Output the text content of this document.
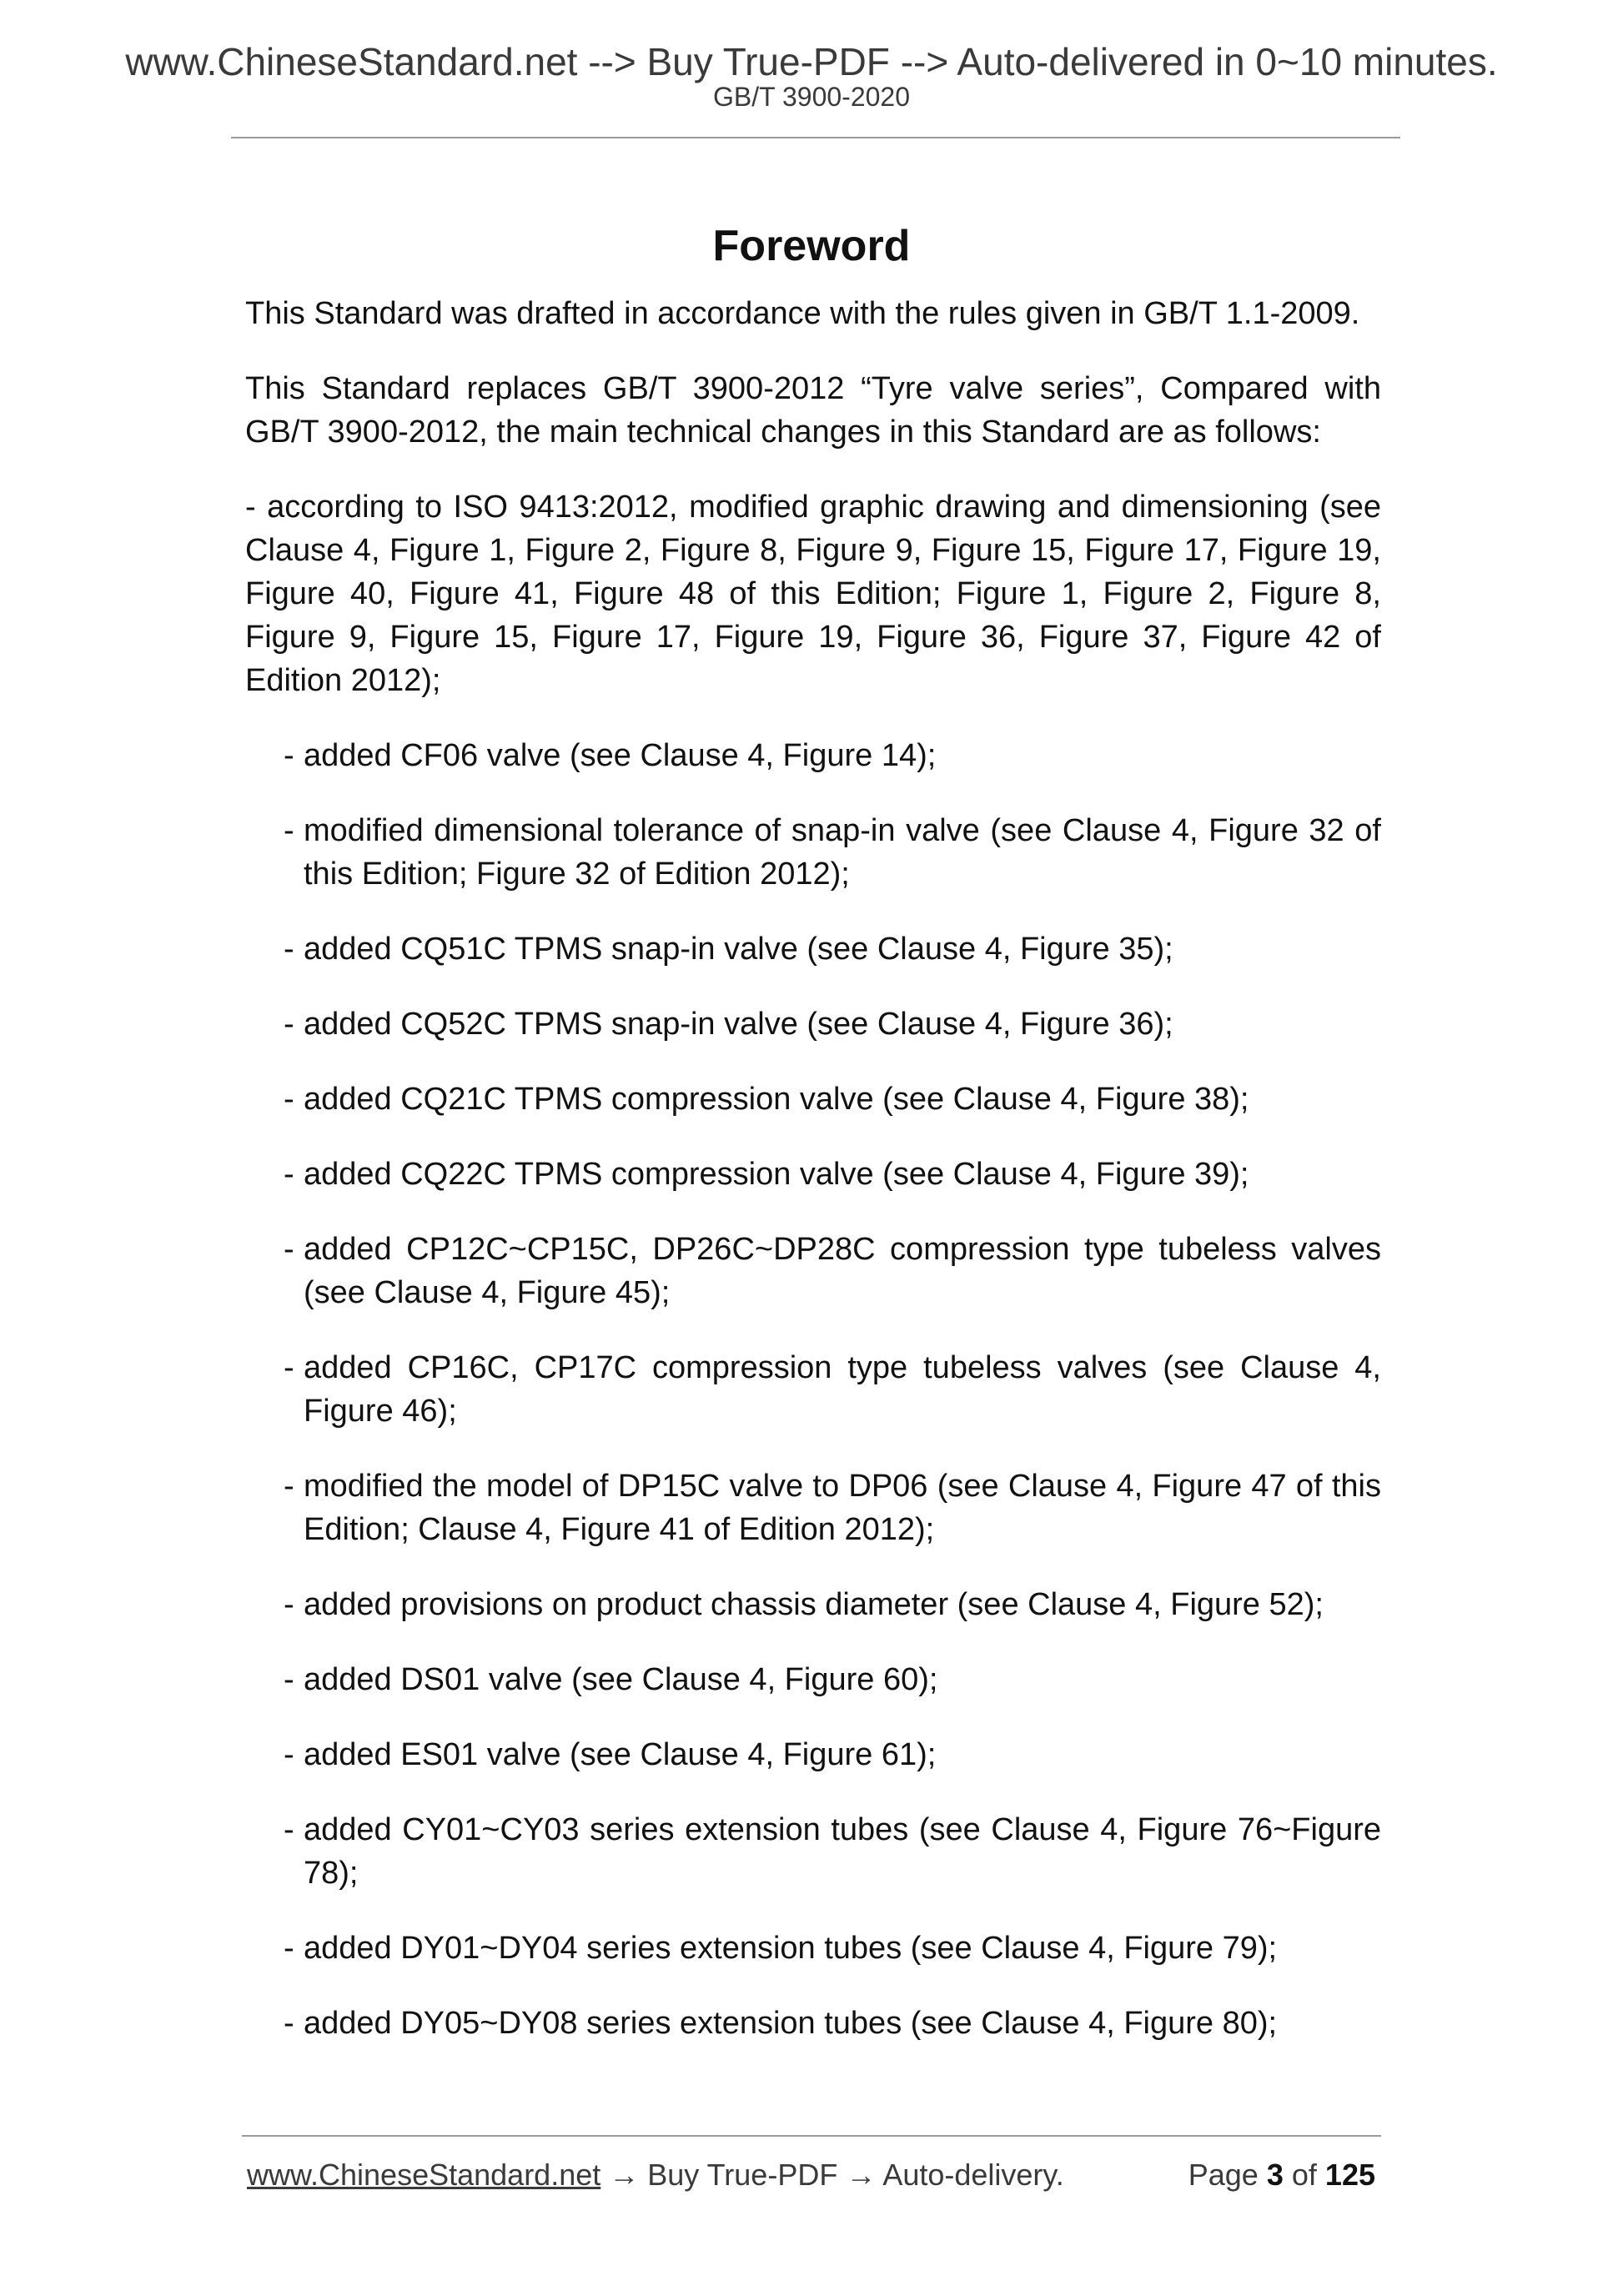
www.ChineseStandard.net --> Buy True-PDF --> Auto-delivered in 0~10 minutes.
GB/T 3900-2020
Foreword

This Standard was drafted in accordance with the rules given in GB/T 1.1-2009.

This Standard replaces GB/T 3900-2012 “Tyre valve series”, Compared with GB/T 3900-2012, the main technical changes in this Standard are as follows:

- according to ISO 9413:2012, modified graphic drawing and dimensioning (see Clause 4, Figure 1, Figure 2, Figure 8, Figure 9, Figure 15, Figure 17, Figure 19, Figure 40, Figure 41, Figure 48 of this Edition; Figure 1, Figure 2, Figure 8, Figure 9, Figure 15, Figure 17, Figure 19, Figure 36, Figure 37, Figure 42 of Edition 2012);

- added CF06 valve (see Clause 4, Figure 14);
- modified dimensional tolerance of snap-in valve (see Clause 4, Figure 32 of this Edition; Figure 32 of Edition 2012);
- added CQ51C TPMS snap-in valve (see Clause 4, Figure 35);
- added CQ52C TPMS snap-in valve (see Clause 4, Figure 36);
- added CQ21C TPMS compression valve (see Clause 4, Figure 38);
- added CQ22C TPMS compression valve (see Clause 4, Figure 39);
- added CP12C~CP15C, DP26C~DP28C compression type tubeless valves (see Clause 4, Figure 45);
- added CP16C, CP17C compression type tubeless valves (see Clause 4, Figure 46);
- modified the model of DP15C valve to DP06 (see Clause 4, Figure 47 of this Edition; Clause 4, Figure 41 of Edition 2012);
- added provisions on product chassis diameter (see Clause 4, Figure 52);
- added DS01 valve (see Clause 4, Figure 60);
- added ES01 valve (see Clause 4, Figure 61);
- added CY01~CY03 series extension tubes (see Clause 4, Figure 76~Figure 78);
- added DY01~DY04 series extension tubes (see Clause 4, Figure 79);
- added DY05~DY08 series extension tubes (see Clause 4, Figure 80);
www.ChineseStandard.net → Buy True-PDF → Auto-delivery.	Page 3 of 125
